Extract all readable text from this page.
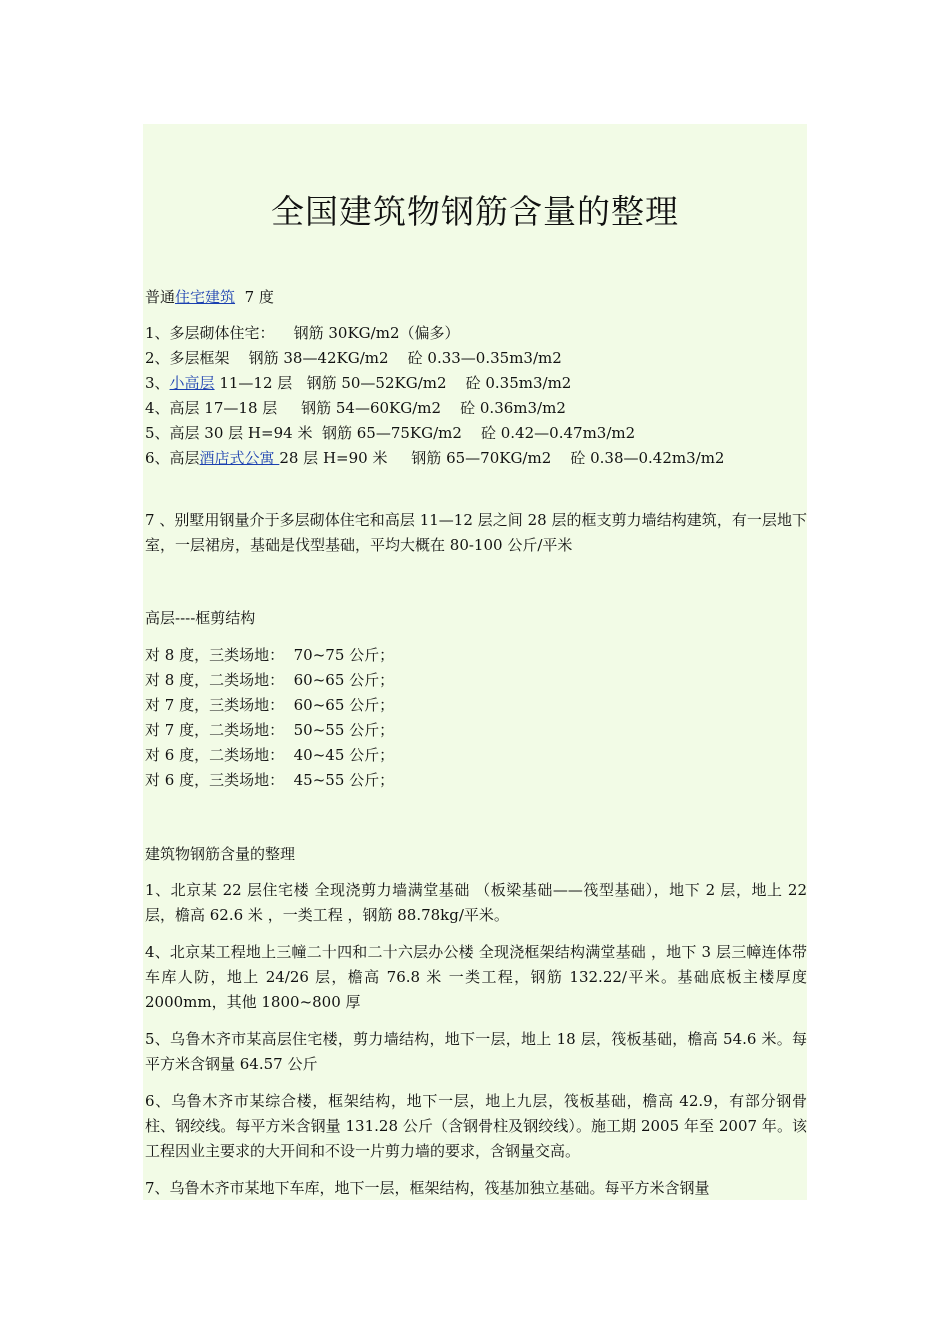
全国建筑物钢筋含量的整理
普通住宅建筑  7 度
1、多层砌体住宅：    钢筋 30KG/m2（偏多）
2、多层框架    钢筋 38—42KG/m2    砼 0.33—0.35m3/m2
3、小高层 11—12 层   钢筋 50—52KG/m2    砼 0.35m3/m2
4、高层 17—18 层     钢筋 54—60KG/m2    砼 0.36m3/m2
5、高层 30 层 H=94 米  钢筋 65—75KG/m2    砼 0.42—0.47m3/m2
6、高层酒店式公寓 28 层 H=90 米     钢筋 65—70KG/m2    砼 0.38—0.42m3/m2
7 、别墅用钢量介于多层砌体住宅和高层 11—12 层之间 28 层的框支剪力墙结构建筑，有一层地下室，一层裙房，基础是伐型基础，平均大概在 80-100 公斤/平米
高层----框剪结构
对 8 度，三类场地：  70~75 公斤；
对 8 度，二类场地：  60~65 公斤；
对 7 度，三类场地：  60~65 公斤；
对 7 度，二类场地：  50~55 公斤；
对 6 度，二类场地：  40~45 公斤；
对 6 度，三类场地：  45~55 公斤；
建筑物钢筋含量的整理
1、北京某 22 层住宅楼 全现浇剪力墙满堂基础 （板梁基础——筏型基础），地下 2 层，地上 22 层，檐高 62.6 米 ，一类工程 ，钢筋 88.78kg/平米。
4、北京某工程地上三幢二十四和二十六层办公楼 全现浇框架结构满堂基础 ，地下 3 层三幛连体带车库人防，地上 24/26 层，檐高 76.8 米 一类工程，钢筋 132.22/平米。基础底板主楼厚度 2000mm，其他 1800~800 厚
5、乌鲁木齐市某高层住宅楼，剪力墙结构，地下一层，地上 18 层，筏板基础，檐高 54.6 米。每平方米含钢量 64.57 公斤
6、乌鲁木齐市某综合楼，框架结构，地下一层，地上九层，筏板基础，檐高 42.9，有部分钢骨柱、钢绞线。每平方米含钢量 131.28 公斤（含钢骨柱及钢绞线）。施工期 2005 年至 2007 年。该工程因业主要求的大开间和不设一片剪力墙的要求，含钢量交高。
7、乌鲁木齐市某地下车库，地下一层，框架结构，筏基加独立基础。每平方米含钢量
